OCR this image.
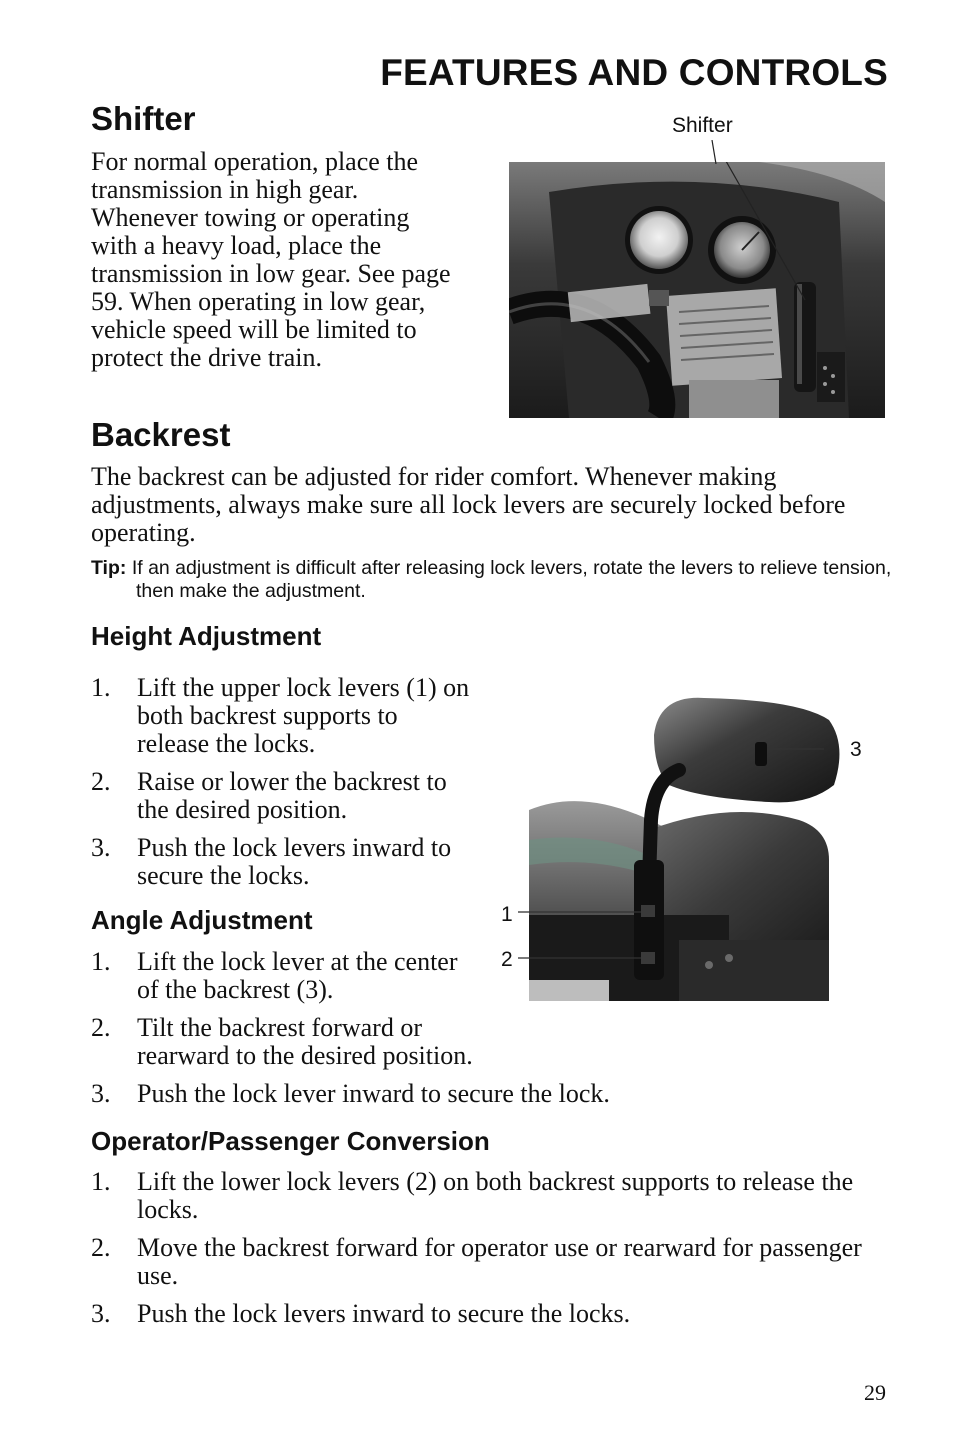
FEATURES AND CONTROLS
Shifter
For normal operation, place the transmission in high gear. Whenever towing or operating with a heavy load, place the transmission in low gear. See page 59. When operating in low gear, vehicle speed will be limited to protect the drive train.
Shifter
Backrest
The backrest can be adjusted for rider comfort. Whenever making adjustments, always make sure all lock levers are securely locked before operating.
Tip: If an adjustment is difficult after releasing lock levers, rotate the levers to relieve tension, then make the adjustment.
Height Adjustment
1. Lift the upper lock levers (1) on both backrest supports to release the locks.
2. Raise or lower the backrest to the desired position.
3. Push the lock levers inward to secure the locks.
3
1
2
Angle Adjustment
1. Lift the lock lever at the center of the backrest (3).
2. Tilt the backrest forward or rearward to the desired position.
3. Push the lock lever inward to secure the lock.
Operator/Passenger Conversion
1. Lift the lower lock levers (2) on both backrest supports to release the locks.
2. Move the backrest forward for operator use or rearward for passenger use.
3. Push the lock levers inward to secure the locks.
29
